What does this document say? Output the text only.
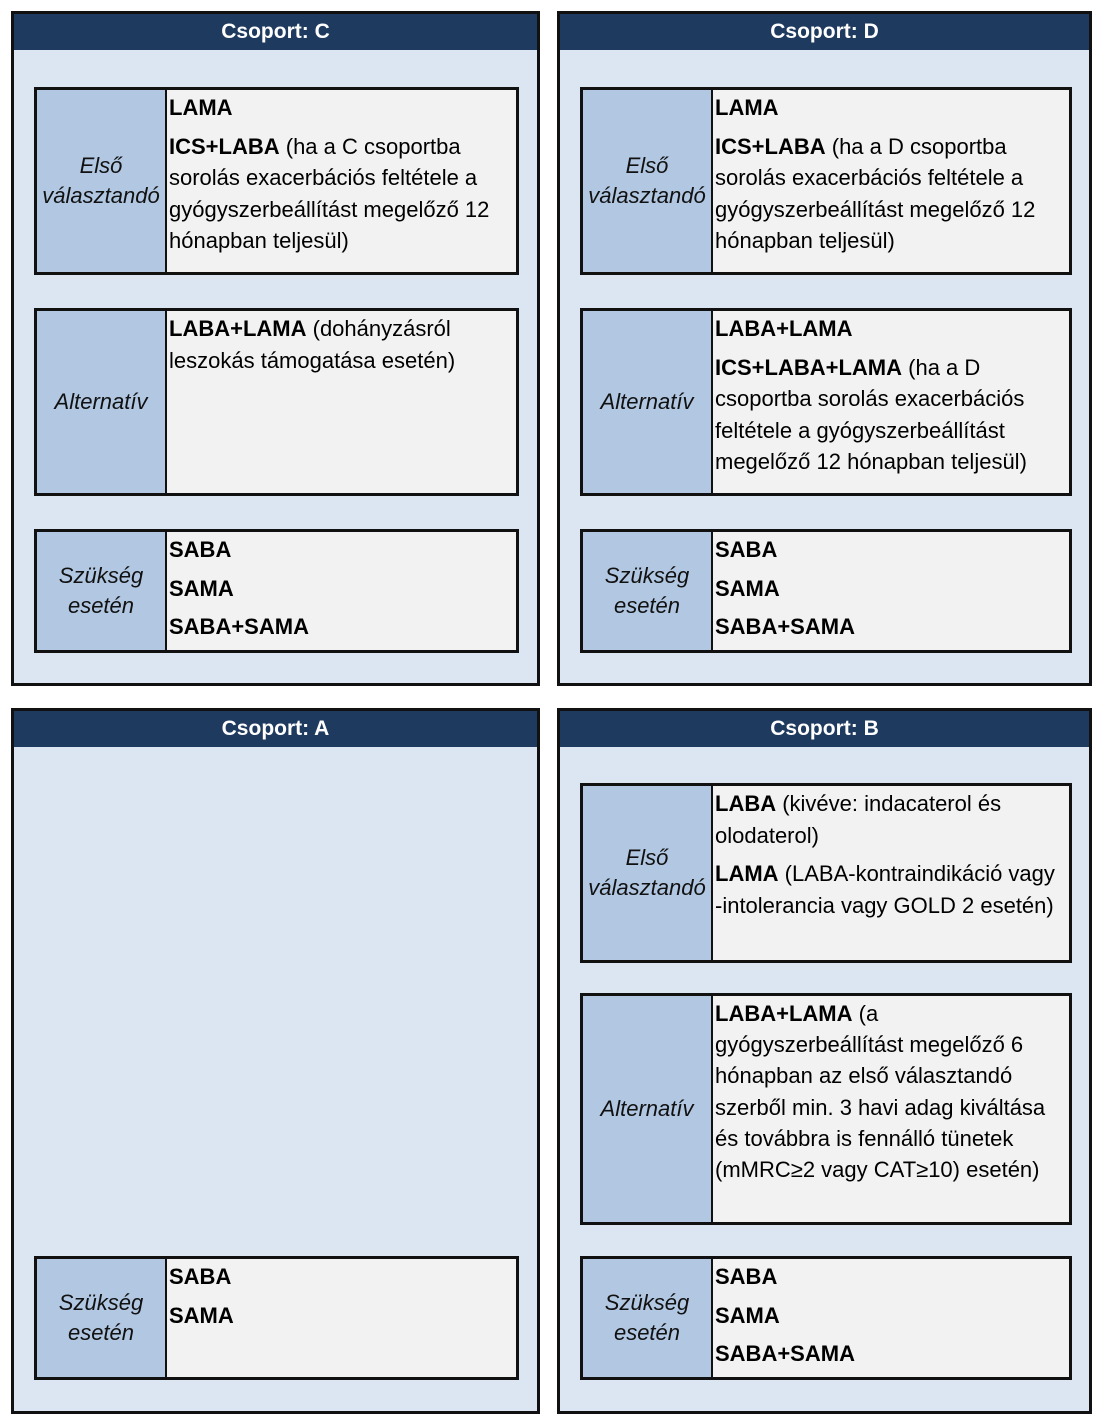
Csoport: C
Első
választandó
LAMA
ICS+LABA (ha a C csoportba sorolás exacerbációs feltétele a gyógyszerbeállítást megelőző 12 hónapban teljesül)
Alternatív
LABA+LAMA (dohányzásról leszokás támogatása esetén)
Szükség
esetén
SABA
SAMA
SABA+SAMA
Csoport: D
Első
választandó
LAMA
ICS+LABA (ha a D csoportba sorolás exacerbációs feltétele a gyógyszerbeállítást megelőző 12 hónapban teljesül)
Alternatív
LABA+LAMA
ICS+LABA+LAMA (ha a D csoportba sorolás exacerbációs feltétele a gyógyszerbeállítást megelőző 12 hónapban teljesül)
Szükség
esetén
SABA
SAMA
SABA+SAMA
Csoport: A
Szükség
esetén
SABA
SAMA
Csoport: B
Első
választandó
LABA (kivéve: indacaterol és olodaterol)
LAMA (LABA-kontraindikáció vagy -intolerancia vagy GOLD 2 esetén)
Alternatív
LABA+LAMA (a gyógyszerbeállítást megelőző 6 hónapban az első választandó szerből min. 3 havi adag kiváltása és továbbra is fennálló tünetek (mMRC≥2 vagy CAT≥10) esetén)
Szükség
esetén
SABA
SAMA
SABA+SAMA
